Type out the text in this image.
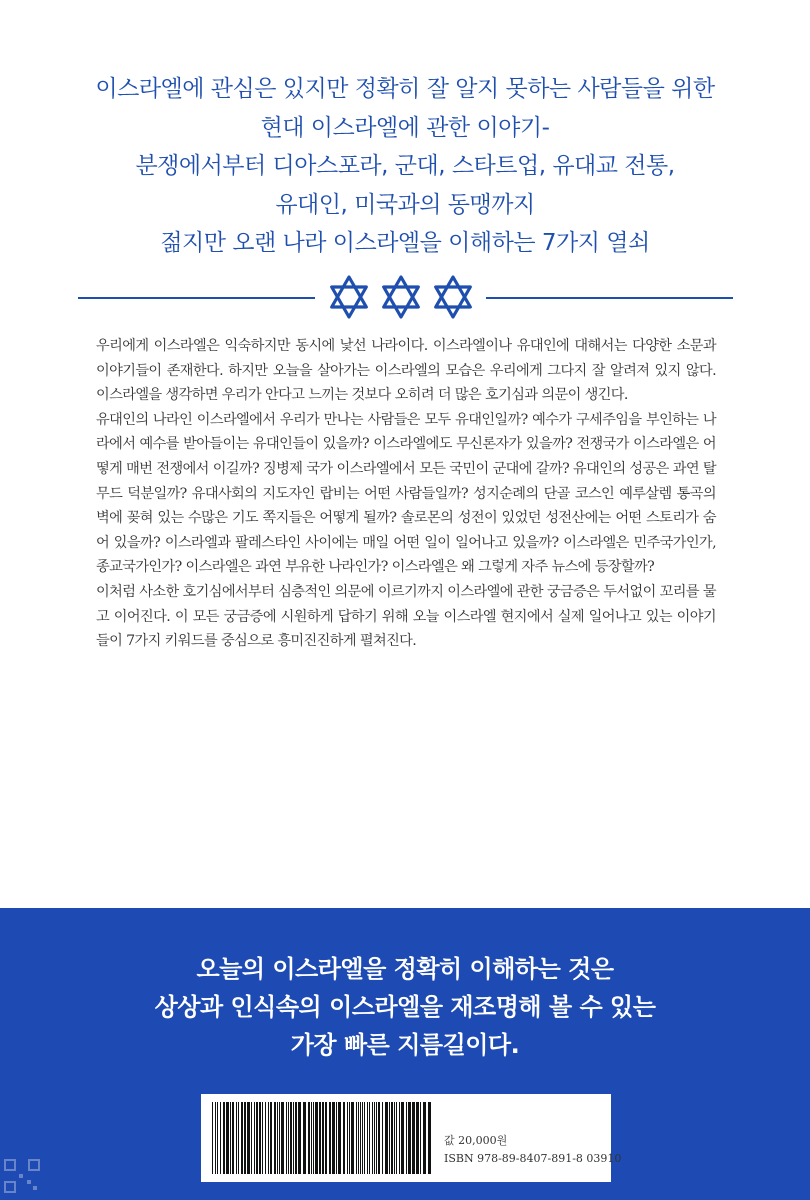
이스라엘에 관심은 있지만 정확히 잘 알지 못하는 사람들을 위한
현대 이스라엘에 관한 이야기-
분쟁에서부터 디아스포라, 군대, 스타트업, 유대교 전통,
유대인, 미국과의 동맹까지
젊지만 오랜 나라 이스라엘을 이해하는 7가지 열쇠

우리에게 이스라엘은 익숙하지만 동시에 낯선 나라이다. 이스라엘이나 유대인에 대해서는 다양한 소문과 이야기들이 존재한다. 하지만 오늘을 살아가는 이스라엘의 모습은 우리에게 그다지 잘 알려져 있지 않다. 이스라엘을 생각하면 우리가 안다고 느끼는 것보다 오히려 더 많은 호기심과 의문이 생긴다.

유대인의 나라인 이스라엘에서 우리가 만나는 사람들은 모두 유대인일까? 예수가 구세주임을 부인하는 나라에서 예수를 받아들이는 유대인들이 있을까? 이스라엘에도 무신론자가 있을까? 전쟁국가 이스라엘은 어떻게 매번 전쟁에서 이길까? 징병제 국가 이스라엘에서 모든 국민이 군대에 갈까? 유대인의 성공은 과연 탈무드 덕분일까? 유대사회의 지도자인 랍비는 어떤 사람들일까? 성지순례의 단골 코스인 예루살렘 통곡의 벽에 꽂혀 있는 수많은 기도 쪽지들은 어떻게 될까? 솔로몬의 성전이 있었던 성전산에는 어떤 스토리가 숨어 있을까? 이스라엘과 팔레스타인 사이에는 매일 어떤 일이 일어나고 있을까? 이스라엘은 민주국가인가, 종교국가인가? 이스라엘은 과연 부유한 나라인가? 이스라엘은 왜 그렇게 자주 뉴스에 등장할까?

이처럼 사소한 호기심에서부터 심층적인 의문에 이르기까지 이스라엘에 관한 궁금증은 두서없이 꼬리를 물고 이어진다. 이 모든 궁금증에 시원하게 답하기 위해 오늘 이스라엘 현지에서 실제 일어나고 있는 이야기들이 7가지 키워드를 중심으로 흥미진진하게 펼쳐진다.

오늘의 이스라엘을 정확히 이해하는 것은
상상과 인식속의 이스라엘을 재조명해 볼 수 있는
가장 빠른 지름길이다.
값 20,000원
ISBN 978-89-8407-891-8 03910
